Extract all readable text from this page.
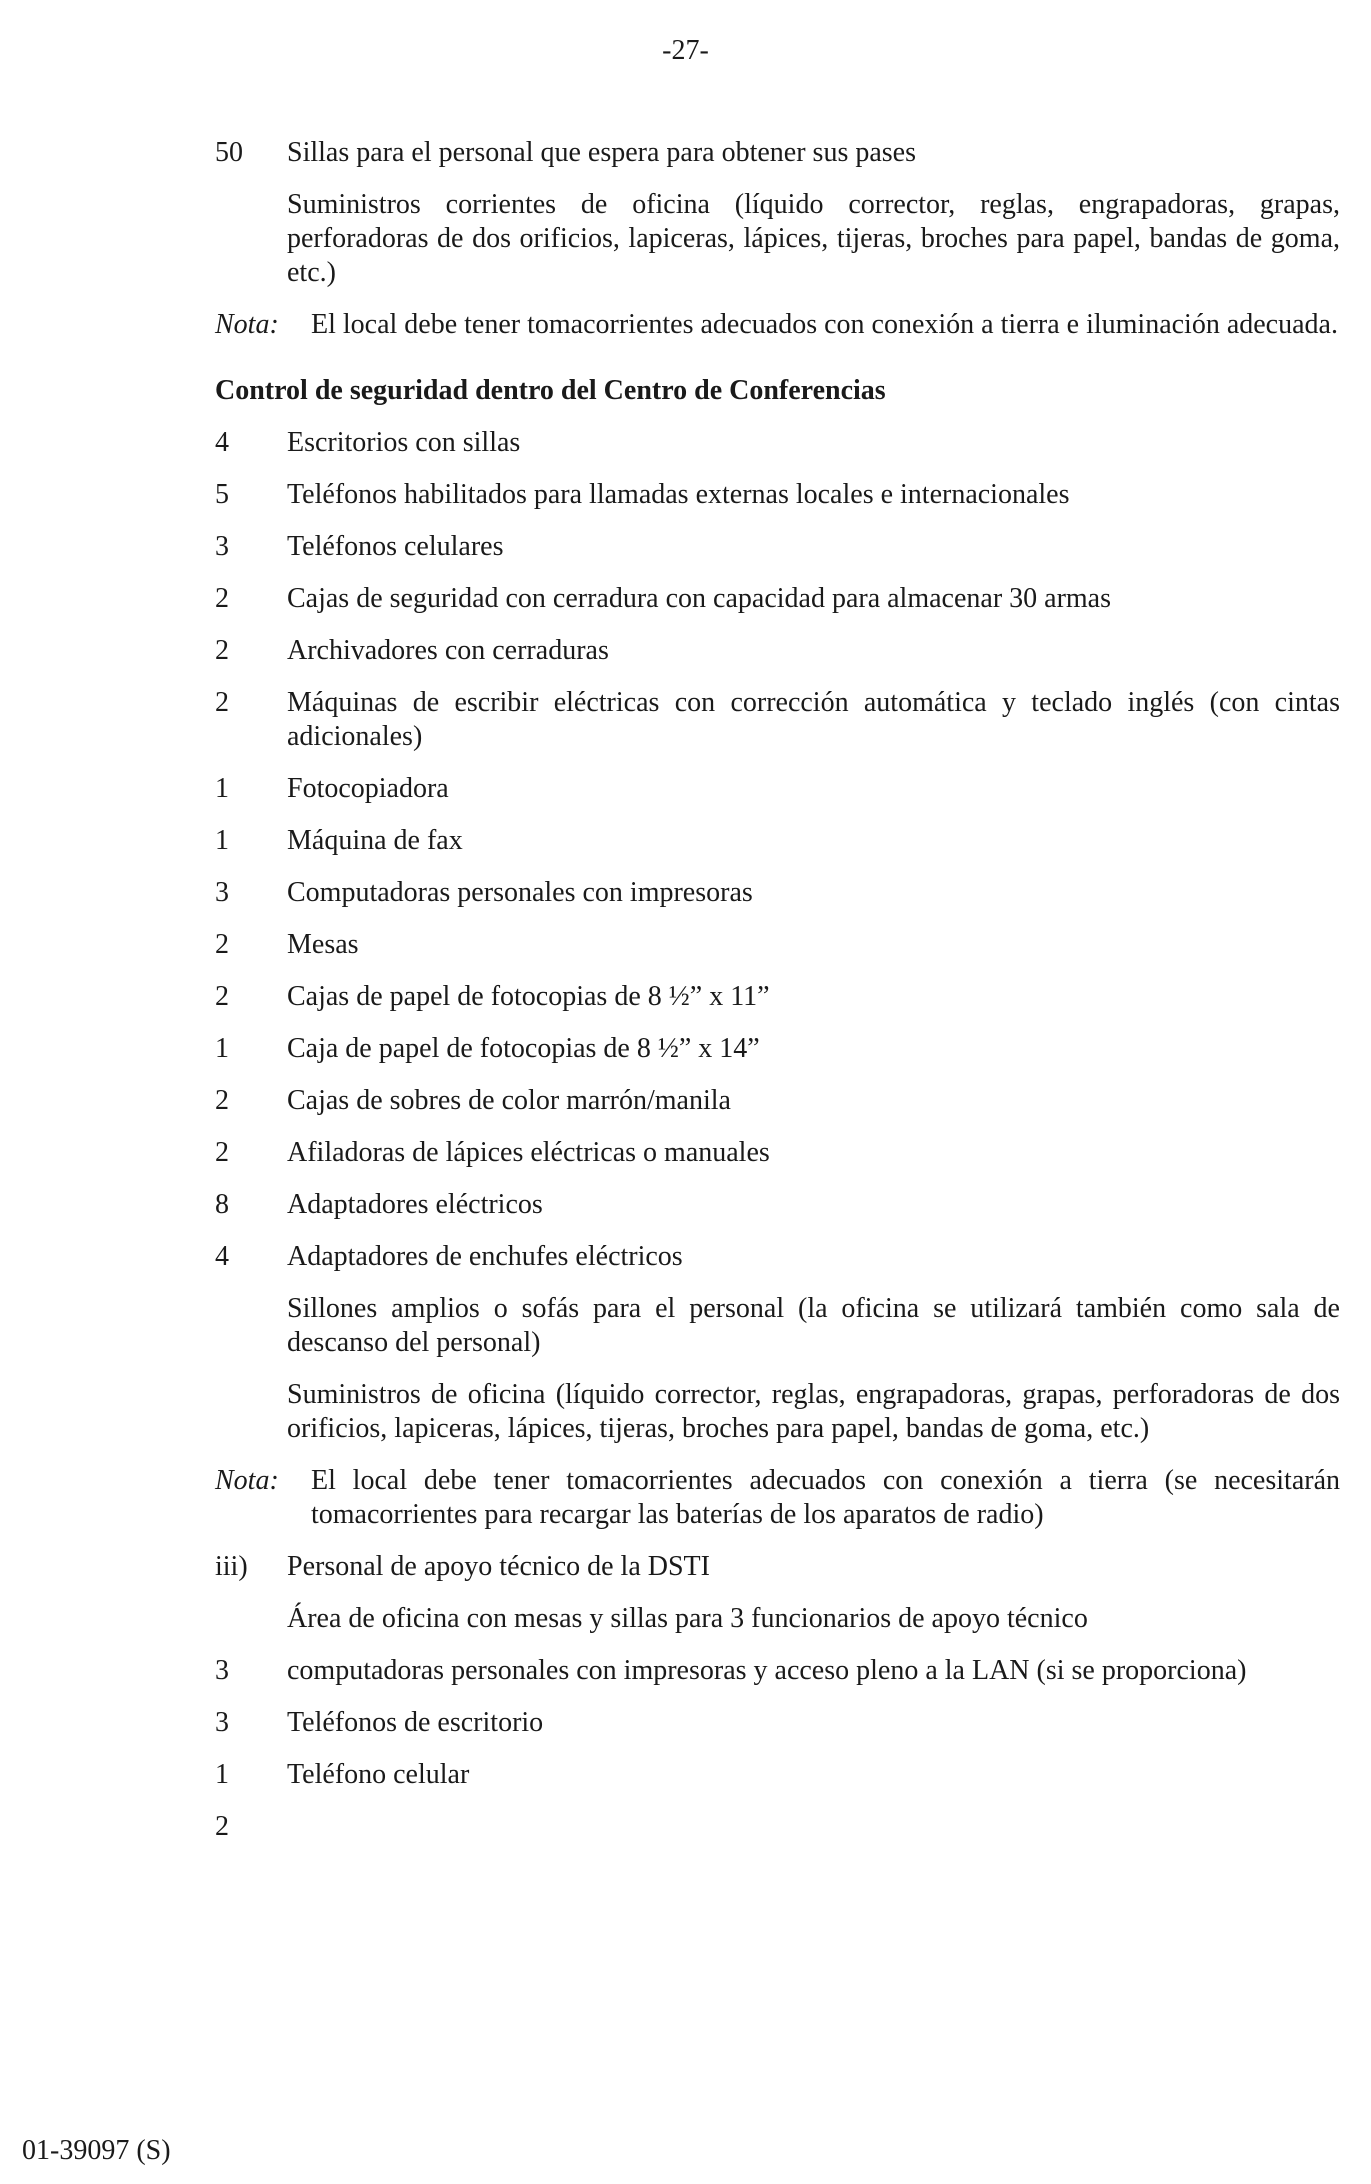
-27-
50	Sillas para el personal que espera para obtener sus pases
Suministros corrientes de oficina (líquido corrector, reglas, engrapadoras, grapas, perforadoras de dos orificios, lapiceras, lápices, tijeras, broches para papel, bandas de goma, etc.)
Nota: El local debe tener tomacorrientes adecuados con conexión a tierra e iluminación adecuada.
Control de seguridad dentro del Centro de Conferencias
4	Escritorios con sillas
5	Teléfonos habilitados para llamadas externas locales e internacionales
3	Teléfonos celulares
2	Cajas de seguridad con cerradura con capacidad para almacenar 30 armas
2	Archivadores con cerraduras
2	Máquinas de escribir eléctricas con corrección automática y teclado inglés (con cintas adicionales)
1	Fotocopiadora
1	Máquina de fax
3	Computadoras personales con impresoras
2	Mesas
2	Cajas de papel de fotocopias de 8 ½” x 11”
1	Caja de papel de fotocopias de 8 ½” x 14”
2	Cajas de sobres de color marrón/manila
2	Afiladoras de lápices eléctricas o manuales
8	Adaptadores eléctricos
4	Adaptadores de enchufes eléctricos
Sillones amplios o sofás para el personal (la oficina se utilizará también como sala de descanso del personal)
Suministros de oficina (líquido corrector, reglas, engrapadoras, grapas, perforadoras de dos orificios, lapiceras, lápices, tijeras, broches para papel, bandas de goma, etc.)
Nota: El local debe tener tomacorrientes adecuados con conexión a tierra (se necesitarán tomacorrientes para recargar las baterías de los aparatos de radio)
iii)	Personal de apoyo técnico de la DSTI
Área de oficina con mesas y sillas para 3 funcionarios de apoyo técnico
3	computadoras personales con impresoras y acceso pleno a la LAN (si se proporciona)
3	Teléfonos de escritorio
1	Teléfono celular
2
01-39097 (S)
